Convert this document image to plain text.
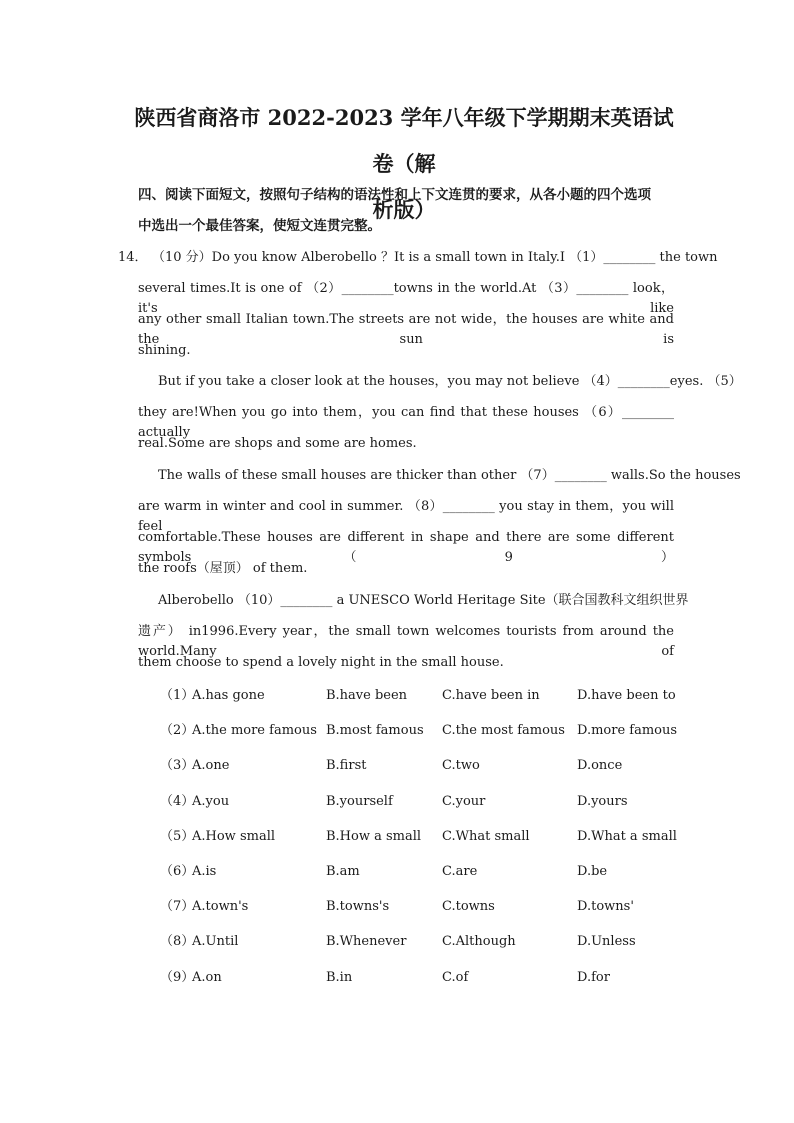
陕西省商洛市 2022-2023 学年八年级下学期期末英语试卷（解
析版）
四、阅读下面短文，按照句子结构的语法性和上下文连贯的要求，从各小题的四个选项
中选出一个最佳答案，使短文连贯完整。
14． （10 分）Do you know Alberobello ？It is a small town in Italy.I （1）________ the town
several times.It is one of （2）________towns in the world.At （3）________ look，it's like
any other small Italian town.The streets are not wide，the houses are white and the sun is
shining.
But if you take a closer look at the houses，you may not believe （4）________eyes. （5）
they are!When you go into them，you can find that these houses （6）________ actually
real.Some are shops and some are homes.
The walls of these small houses are thicker than other （7）________ walls.So the houses
are warm in winter and cool in summer. （8）________ you stay in them，you will feel
comfortable.These houses are different in shape and there are some different symbols （9）
the roofs（屋顶） of them.
Alberobello （10）________ a UNESCO World Heritage Site（联合国教科文组织世界
遗产） in1996.Every year，the small town welcomes tourists from around the world.Many of
them choose to spend a lovely night in the small house.
（1）
A.has gone	B.have been	C.have been in	D.have been to
（2）
A.the more famous B.most famous C.the most famous D.more famous
（3）
A.one	B.first	C.two	D.once
（4）
A.you	B.yourself	C.your	D.yours
（5）
A.How small	B.How a small C.What small	D.What a small
（6）
A.is	B.am	C.are	D.be
（7）
A.town's	B.towns's	C.towns	D.towns'
（8）
A.Until	B.Whenever	C.Although	D.Unless
（9）
A.on	B.in	C.of	D.for
